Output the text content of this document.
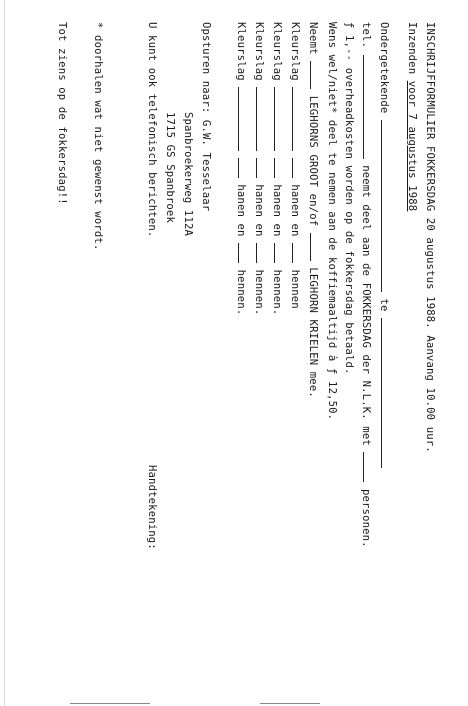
INSCHRIJFFORMULIER FOKKERSDAG 20 augustus 1988. Aanvang 10.00 uur.
Inzenden voor 7 augustus 1988
Ondergetekende  te
tel.  neemt deel aan de FOKKERSDAG der N.L.K. met  personen.
ƒ 1,-- overheadkosten worden op de fokkersdag betaald.
Wens wel/niet* deel te nemen aan de koffiemaaltijd à ƒ 12,50.
Neemt  LEGHORNS GROOT en/of  LEGHORN KRIELEN mee.
Kleurslag   hanen en  hennen
Kleurslag   hanen en  hennen.
Kleurslag   hanen en  hennen.
Kleurslag   hanen en  hennen.
Opsturen naar: G.W. Tesselaar
Spanbroekerweg 112A
1715 GS Spanbroek
U kunt ook telefonisch berichten.
Handtekening:
* doorhalen wat niet gewenst wordt.
Tot ziens op de fokkersdag!!
